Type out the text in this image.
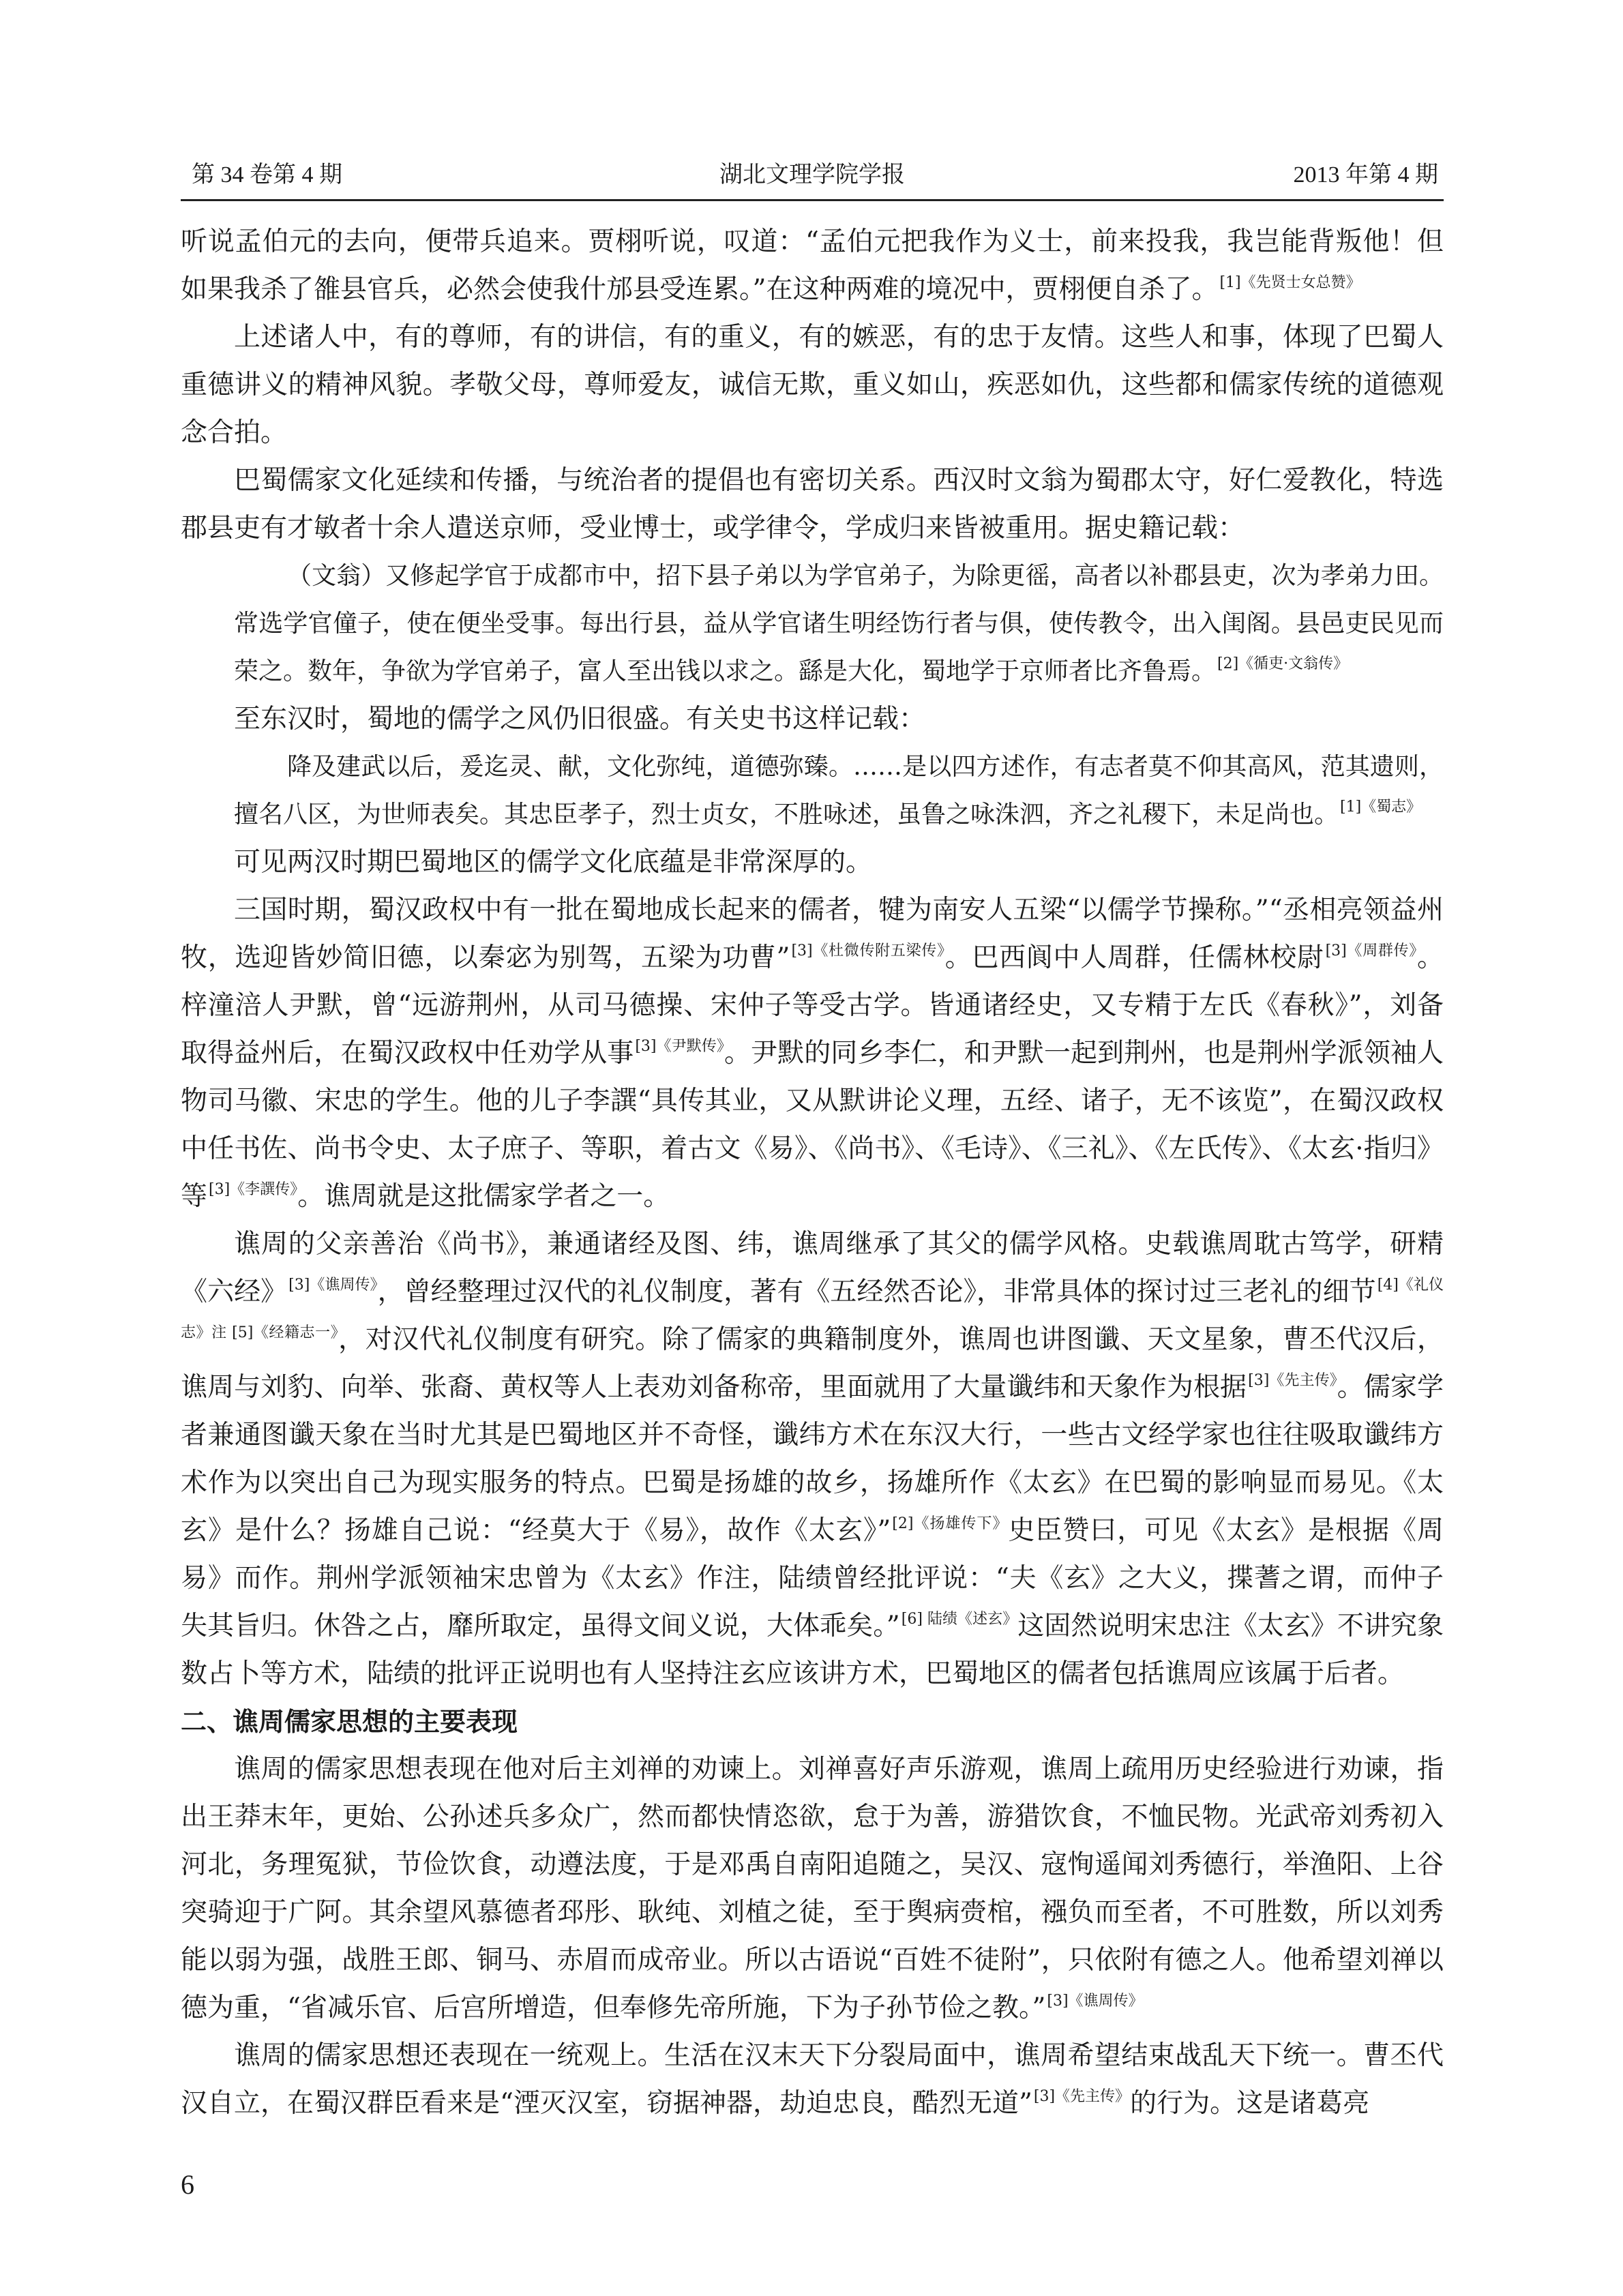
第 34 卷第 4 期	湖北文理学院学报	2013 年第 4 期

听说孟伯元的去向，便带兵追来。贾栩听说，叹道：“孟伯元把我作为义士，前来投我，我岂能背叛他！但如果我杀了雒县官兵，必然会使我什邡县受连累。”在这种两难的境况中，贾栩便自杀了。$^{[1]《先贤士女总赞》}$

上述诸人中，有的尊师，有的讲信，有的重义，有的嫉恶，有的忠于友情。这些人和事，体现了巴蜀人重德讲义的精神风貌。孝敬父母，尊师爱友，诚信无欺，重义如山，疾恶如仇，这些都和儒家传统的道德观念合拍。

巴蜀儒家文化延续和传播，与统治者的提倡也有密切关系。西汉时文翁为蜀郡太守，好仁爱教化，特选郡县吏有才敏者十余人遣送京师，受业博士，或学律令，学成归来皆被重用。据史籍记载：

（文翁）又修起学官于成都市中，招下县子弟以为学官弟子，为除更徭，高者以补郡县吏，次为孝弟力田。常选学官僮子，使在便坐受事。每出行县，益从学官诸生明经饬行者与俱，使传教令，出入闺阁。县邑吏民见而荣之。数年，争欲为学官弟子，富人至出钱以求之。繇是大化，蜀地学于京师者比齐鲁焉。$^{[2]《循吏\cdot 文翁传》}$

至东汉时，蜀地的儒学之风仍旧很盛。有关史书这样记载：

降及建武以后，爰迄灵、献，文化弥纯，道德弥臻。……是以四方述作，有志者莫不仰其高风，范其遗则，擅名八区，为世师表矣。其忠臣孝子，烈士贞女，不胜咏述，虽鲁之咏洙泗，齐之礼稷下，未足尚也。$^{[1]《蜀志》}$

可见两汉时期巴蜀地区的儒学文化底蕴是非常深厚的。

三国时期，蜀汉政权中有一批在蜀地成长起来的儒者，犍为南安人五梁“以儒学节操称。”“丞相亮领益州牧，选迎皆妙简旧德，以秦宓为别驾，五梁为功曹”$^{[3]《杜微传附五梁传》}$。巴西阆中人周群，任儒林校尉$^{[3]《周群传》}$。梓潼涪人尹默，曾“远游荆州，从司马德操、宋仲子等受古学。皆通诸经史，又专精于左氏《春秋》”，刘备取得益州后，在蜀汉政权中任劝学从事$^{[3]《尹默传》}$。尹默的同乡李仁，和尹默一起到荆州，也是荆州学派领袖人物司马徽、宋忠的学生。他的儿子李譔“具传其业，又从默讲论义理，五经、诸子，无不该览”，在蜀汉政权中任书佐、尚书令史、太子庶子、等职，着古文《易》、《尚书》、《毛诗》、《三礼》、《左氏传》、《太玄·指归》等$^{[3]《李譔传》}$。谯周就是这批儒家学者之一。

谯周的父亲善治《尚书》，兼通诸经及图、纬，谯周继承了其父的儒学风格。史载谯周耽古笃学，研精《六经》$^{[3]《谯周传》}$，曾经整理过汉代的礼仪制度，著有《五经然否论》，非常具体的探讨过三老礼的细节$^{[4]《礼仪志》注 [5]《经籍志一》}$，对汉代礼仪制度有研究。除了儒家的典籍制度外，谯周也讲图谶、天文星象，曹丕代汉后，谯周与刘豹、向举、张裔、黄权等人上表劝刘备称帝，里面就用了大量谶纬和天象作为根据$^{[3]《先主传》}$。儒家学者兼通图谶天象在当时尤其是巴蜀地区并不奇怪，谶纬方术在东汉大行，一些古文经学家也往往吸取谶纬方术作为以突出自己为现实服务的特点。巴蜀是扬雄的故乡，扬雄所作《太玄》在巴蜀的影响显而易见。《太玄》是什么？扬雄自己说：“经莫大于《易》，故作《太玄》”$^{[2]《扬雄传下》}$史臣赞曰，可见《太玄》是根据《周易》而作。荆州学派领袖宋忠曾为《太玄》作注，陆绩曾经批评说：“夫《玄》之大义，揲蓍之谓，而仲子失其旨归。休咎之占，靡所取定，虽得文间义说，大体乖矣。”$^{[6] 陆绩《述玄》}$这固然说明宋忠注《太玄》不讲究象数占卜等方术，陆绩的批评正说明也有人坚持注玄应该讲方术，巴蜀地区的儒者包括谯周应该属于后者。

二、谯周儒家思想的主要表现

谯周的儒家思想表现在他对后主刘禅的劝谏上。刘禅喜好声乐游观，谯周上疏用历史经验进行劝谏，指出王莽末年，更始、公孙述兵多众广，然而都快情恣欲，怠于为善，游猎饮食，不恤民物。光武帝刘秀初入河北，务理冤狱，节俭饮食，动遵法度，于是邓禹自南阳追随之，吴汉、寇恂遥闻刘秀德行，举渔阳、上谷突骑迎于广阿。其余望风慕德者邳彤、耿纯、刘植之徒，至于舆病赍棺，襁负而至者，不可胜数，所以刘秀能以弱为强，战胜王郎、铜马、赤眉而成帝业。所以古语说“百姓不徒附”，只依附有德之人。他希望刘禅以德为重，“省减乐官、后宫所增造，但奉修先帝所施，下为子孙节俭之教。”$^{[3]《谯周传》}$

谯周的儒家思想还表现在一统观上。生活在汉末天下分裂局面中，谯周希望结束战乱天下统一。曹丕代汉自立，在蜀汉群臣看来是“湮灭汉室，窃据神器，劫迫忠良，酷烈无道”$^{[3]《先主传》}$的行为。这是诸葛亮

6
